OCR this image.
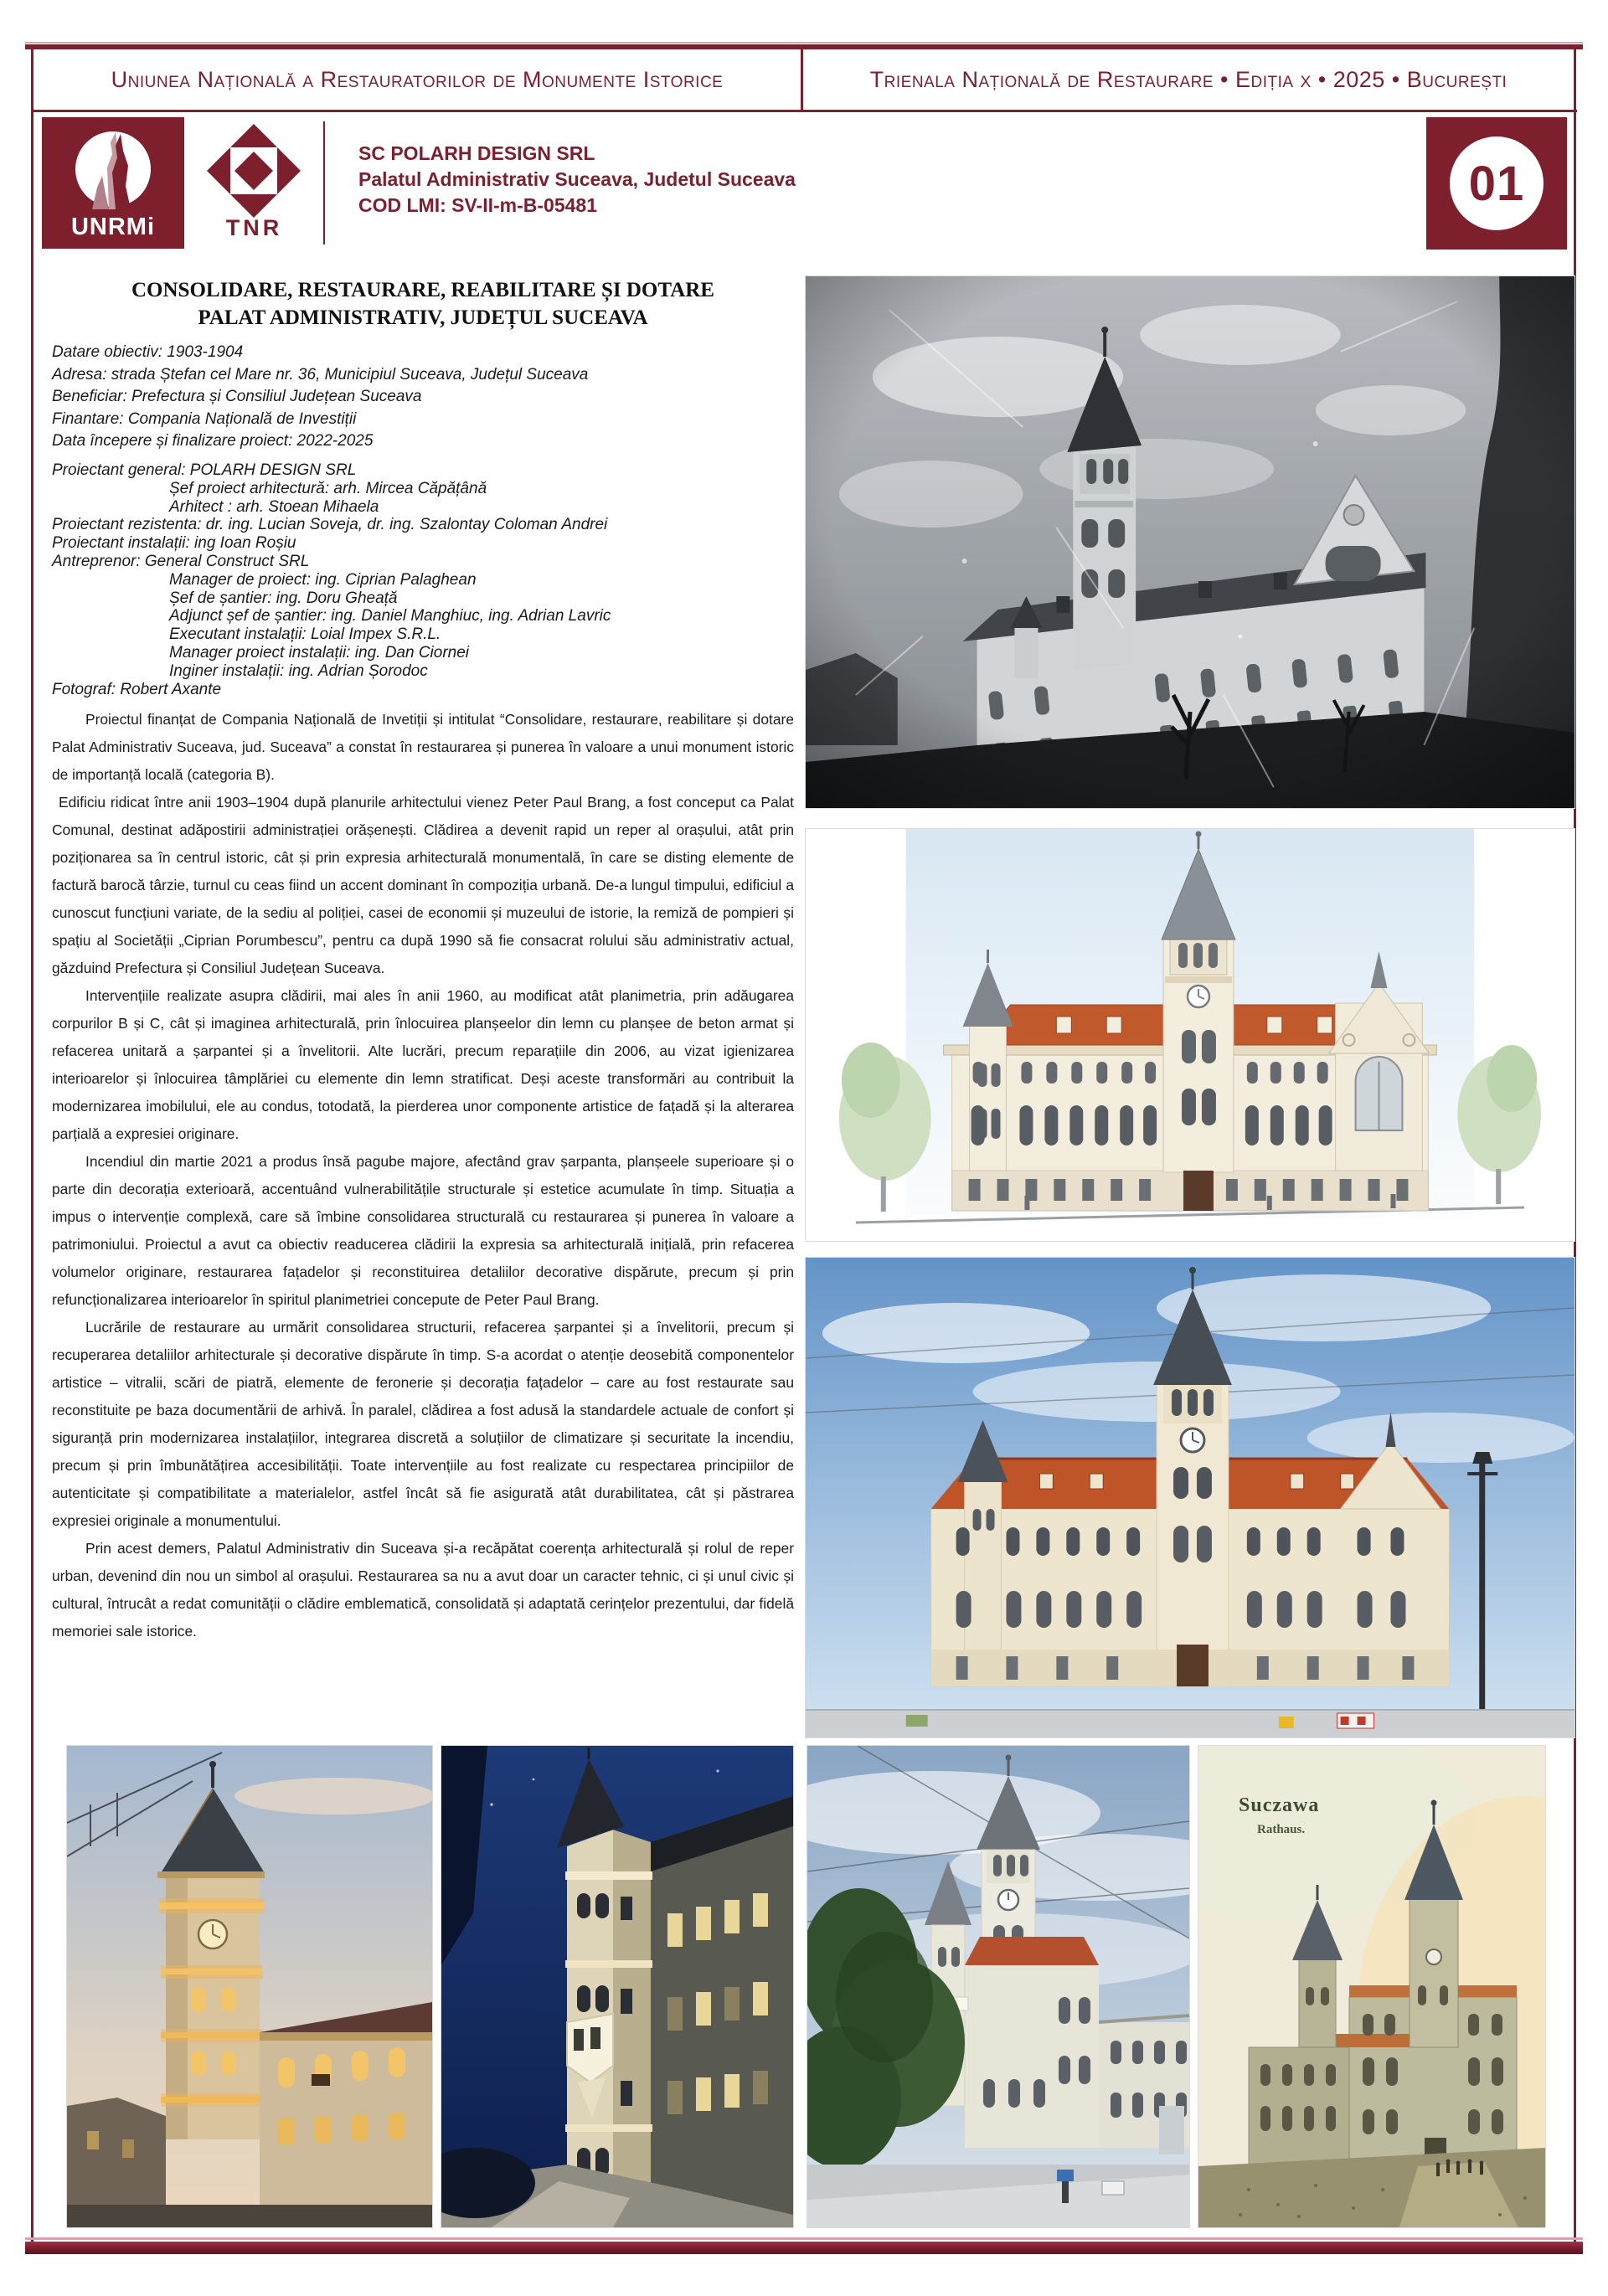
Uniunea Națională a Restauratorilor de Monumente Istorice	Trienala Națională de Restaurare • Ediția x • 2025 • București
UNRMi	TNR
SC POLARH DESIGN SRL
Palatul Administrativ Suceava, Judetul Suceava
COD LMI: SV-II-m-B-05481	01
CONSOLIDARE, RESTAURARE, REABILITARE ȘI DOTARE
PALAT ADMINISTRATIV, JUDEȚUL SUCEAVA
Datare obiectiv: 1903-1904
Adresa: strada Ștefan cel Mare nr. 36, Municipiul Suceava, Județul Suceava
Beneficiar: Prefectura și Consiliul Județean Suceava
Finantare: Compania Națională de Investiții
Data începere și finalizare proiect: 2022-2025
Proiectant general: POLARH DESIGN SRL
Șef proiect arhitectură: arh. Mircea Căpățână
Arhitect : arh. Stoean Mihaela
Proiectant rezistenta: dr. ing. Lucian Soveja, dr. ing. Szalontay Coloman Andrei
Proiectant instalații: ing Ioan Roșiu
Antreprenor: General Construct SRL
Manager de proiect: ing. Ciprian Palaghean
Șef de șantier: ing. Doru Gheață
Adjunct șef de șantier: ing. Daniel Manghiuc, ing. Adrian Lavric
Executant instalații: Loial Impex S.R.L.
Manager proiect instalații: ing. Dan Ciornei
Inginer instalații: ing. Adrian Șorodoc
Fotograf: Robert Axante

Proiectul finanțat de Compania Națională de Invetiții și intitulat “Consolidare, restaurare, reabilitare și dotare Palat Administrativ Suceava, jud. Suceava” a constat în restaurarea și punerea în valoare a unui monument istoric de importanță locală (categoria B).

Edificiu ridicat între anii 1903–1904 după planurile arhitectului vienez Peter Paul Brang, a fost conceput ca Palat Comunal, destinat adăpostirii administrației orășenești. Clădirea a devenit rapid un reper al orașului, atât prin poziționarea sa în centrul istoric, cât și prin expresia arhitecturală monumentală, în care se disting elemente de factură barocă târzie, turnul cu ceas fiind un accent dominant în compoziția urbană. De-a lungul timpului, edificiul a cunoscut funcțiuni variate, de la sediu al poliției, casei de economii și muzeului de istorie, la remiză de pompieri și spațiu al Societății „Ciprian Porumbescu”, pentru ca după 1990 să fie consacrat rolului său administrativ actual, găzduind Prefectura și Consiliul Județean Suceava.

Intervențiile realizate asupra clădirii, mai ales în anii 1960, au modificat atât planimetria, prin adăugarea corpurilor B și C, cât și imaginea arhitecturală, prin înlocuirea planșeelor din lemn cu planșee de beton armat și refacerea unitară a șarpantei și a învelitorii. Alte lucrări, precum reparațiile din 2006, au vizat igienizarea interioarelor și înlocuirea tâmplăriei cu elemente din lemn stratificat. Deși aceste transformări au contribuit la modernizarea imobilului, ele au condus, totodată, la pierderea unor componente artistice de fațadă și la alterarea parțială a expresiei originare.

Incendiul din martie 2021 a produs însă pagube majore, afectând grav șarpanta, planșeele superioare și o parte din decorația exterioară, accentuând vulnerabilitățile structurale și estetice acumulate în timp. Situația a impus o intervenție complexă, care să îmbine consolidarea structurală cu restaurarea și punerea în valoare a patrimoniului. Proiectul a avut ca obiectiv readucerea clădirii la expresia sa arhitecturală inițială, prin refacerea volumelor originare, restaurarea fațadelor și reconstituirea detaliilor decorative dispărute, precum și prin refuncționalizarea interioarelor în spiritul planimetriei concepute de Peter Paul Brang.

Lucrările de restaurare au urmărit consolidarea structurii, refacerea șarpantei și a învelitorii, precum și recuperarea detaliilor arhitecturale și decorative dispărute în timp. S-a acordat o atenție deosebită componentelor artistice – vitralii, scări de piatră, elemente de feronerie și decorația fațadelor – care au fost restaurate sau reconstituite pe baza documentării de arhivă. În paralel, clădirea a fost adusă la standardele actuale de confort și siguranță prin modernizarea instalațiilor, integrarea discretă a soluțiilor de climatizare și securitate la incendiu, precum și prin îmbunătățirea accesibilității. Toate intervențiile au fost realizate cu respectarea principiilor de autenticitate și compatibilitate a materialelor, astfel încât să fie asigurată atât durabilitatea, cât și păstrarea expresiei originale a monumentului.

Prin acest demers, Palatul Administrativ din Suceava și-a recăpătat coerența arhitecturală și rolul de reper urban, devenind din nou un simbol al orașului. Restaurarea sa nu a avut doar un caracter tehnic, ci și unul civic și cultural, întrucât a redat comunității o clădire emblematică, consolidată și adaptată cerințelor prezentului, dar fidelă memoriei sale istorice.

Suczawa
Rathaus.
